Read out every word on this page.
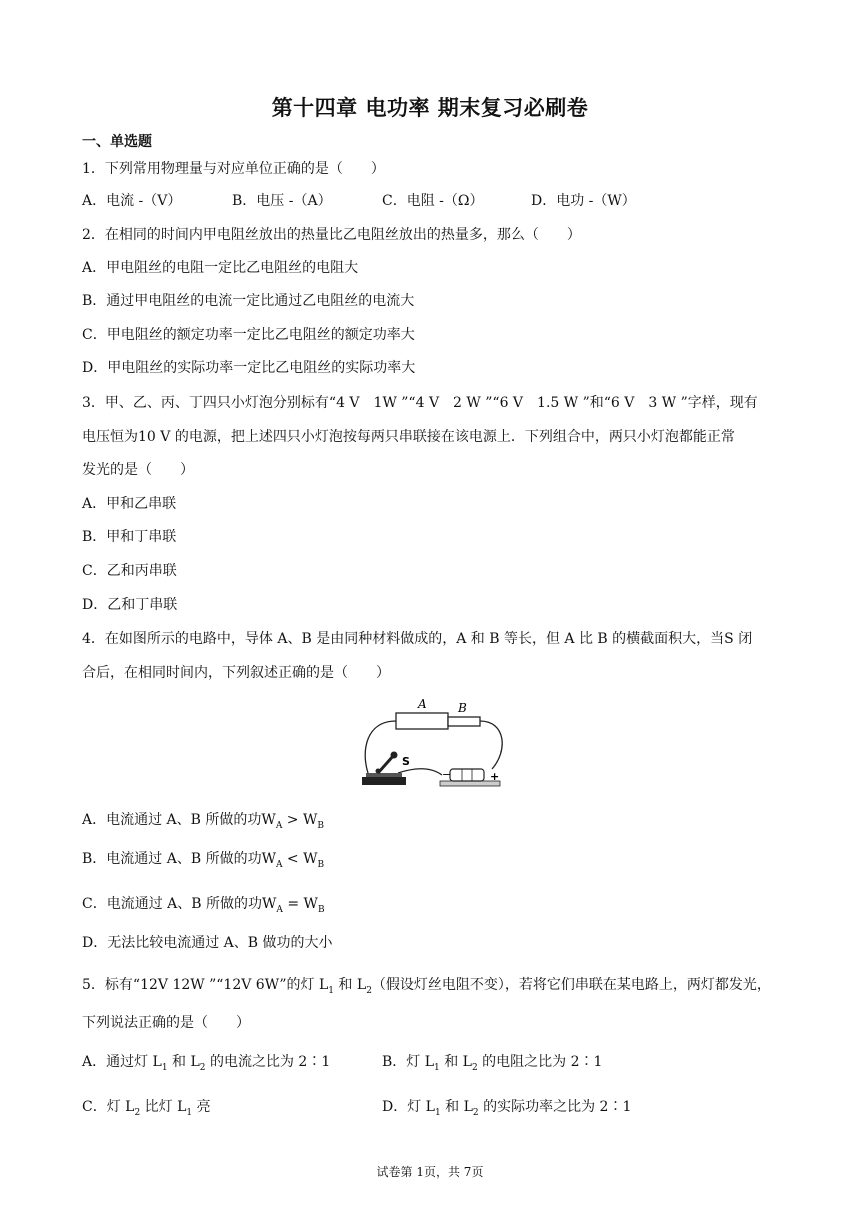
第十四章 电功率 期末复习必刷卷
一、单选题
1．下列常用物理量与对应单位正确的是（　　）
A．电流 -（V）	B．电压 -（A）	C．电阻 -（Ω）	D．电功 -（W）
2．在相同的时间内甲电阻丝放出的热量比乙电阻丝放出的热量多，那么（　　）
A．甲电阻丝的电阻一定比乙电阻丝的电阻大
B．通过甲电阻丝的电流一定比通过乙电阻丝的电流大
C．甲电阻丝的额定功率一定比乙电阻丝的额定功率大
D．甲电阻丝的实际功率一定比乙电阻丝的实际功率大
3．甲、乙、丙、丁四只小灯泡分别标有“4 V　1W ”“4 V　2 W ”“6 V　1.5 W ”和“6 V　3 W ”字样，现有
电压恒为10 V 的电源，把上述四只小灯泡按每两只串联接在该电源上．下列组合中，两只小灯泡都能正常
发光的是（　　）
A．甲和乙串联
B．甲和丁串联
C．乙和丙串联
D．乙和丁串联
4．在如图所示的电路中，导体 A、B 是由同种材料做成的，A 和 B 等长，但 A 比 B 的横截面积大，当S 闭
合后，在相同时间内，下列叙述正确的是（　　）
A	B
S
−	+
A．电流通过 A、B 所做的功$W_A > W_B$
B．电流通过 A、B 所做的功$W_A < W_B$
C．电流通过 A、B 所做的功$W_A = W_B$
D．无法比较电流通过 A、B 做功的大小
5．标有“12V 12W ”“12V 6W”的灯 $L_1$ 和 $L_2$（假设灯丝电阻不变），若将它们串联在某电路上，两灯都发光，
下列说法正确的是（　　）
A．通过灯 $L_1$ 和 $L_2$ 的电流之比为 2∶1	B．灯 $L_1$ 和 $L_2$ 的电阻之比为 2∶1
C．灯 $L_2$ 比灯 $L_1$ 亮	D．灯 $L_1$ 和 $L_2$ 的实际功率之比为 2∶1
试卷第 1页，共 7页
